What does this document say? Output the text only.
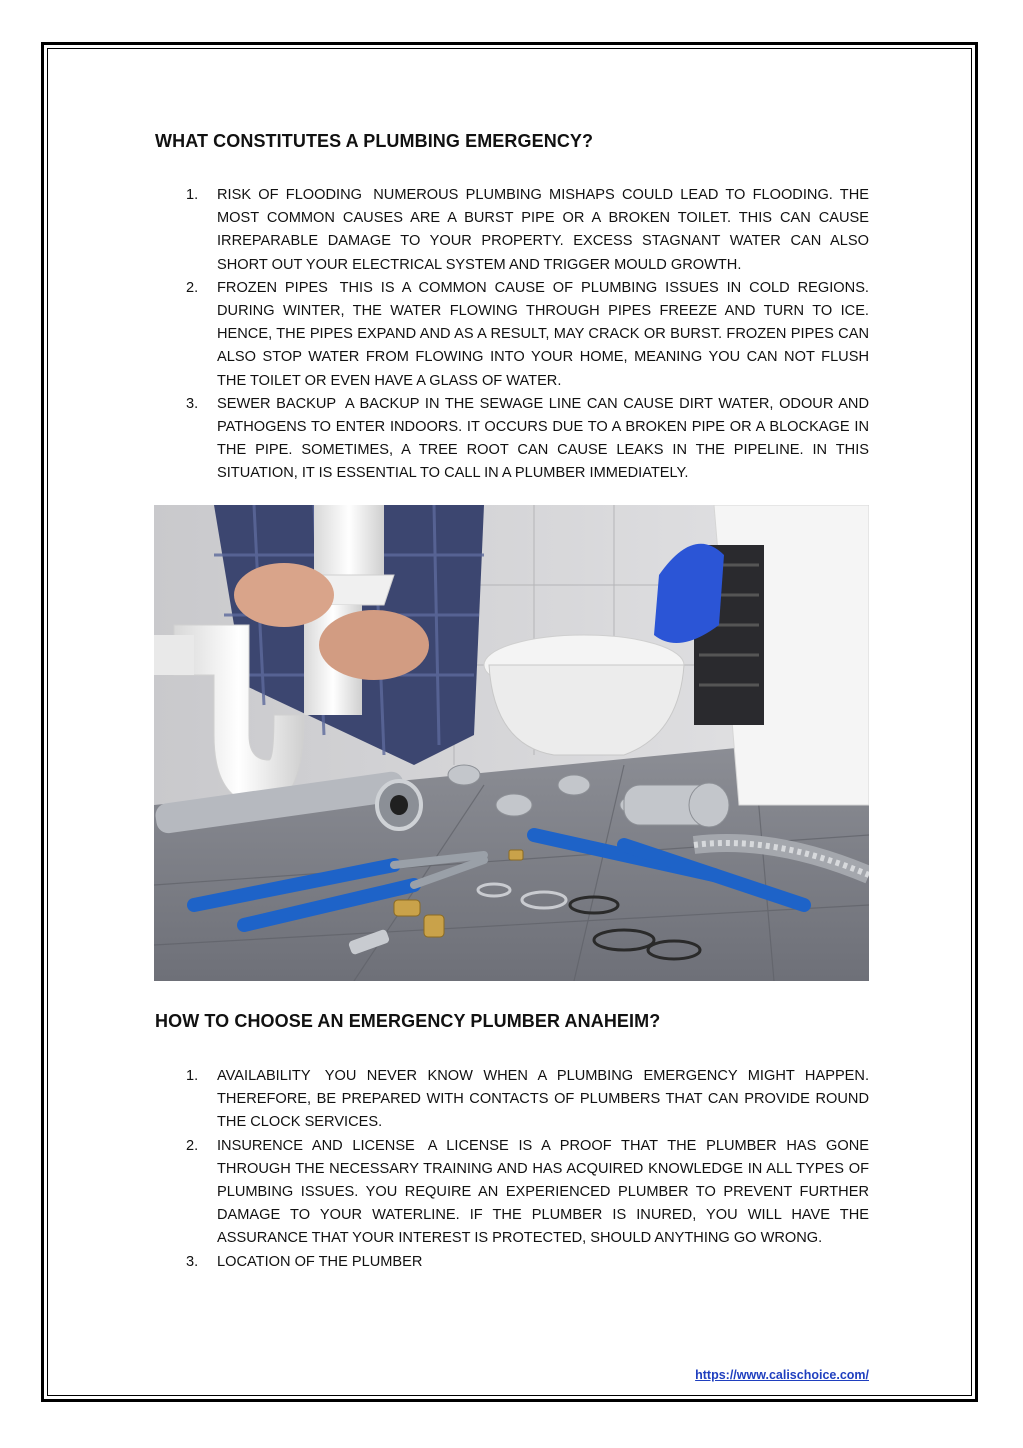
WHAT CONSTITUTES A PLUMBING EMERGENCY?
1. RISK OF FLOODING NUMEROUS PLUMBING MISHAPS COULD LEAD TO FLOODING. THE MOST COMMON CAUSES ARE A BURST PIPE OR A BROKEN TOILET. THIS CAN CAUSE IRREPARABLE DAMAGE TO YOUR PROPERTY. EXCESS STAGNANT WATER CAN ALSO SHORT OUT YOUR ELECTRICAL SYSTEM AND TRIGGER MOULD GROWTH.
2. FROZEN PIPES THIS IS A COMMON CAUSE OF PLUMBING ISSUES IN COLD REGIONS. DURING WINTER, THE WATER FLOWING THROUGH PIPES FREEZE AND TURN TO ICE. HENCE, THE PIPES EXPAND AND AS A RESULT, MAY CRACK OR BURST. FROZEN PIPES CAN ALSO STOP WATER FROM FLOWING INTO YOUR HOME, MEANING YOU CAN NOT FLUSH THE TOILET OR EVEN HAVE A GLASS OF WATER.
3. SEWER BACKUP A BACKUP IN THE SEWAGE LINE CAN CAUSE DIRT WATER, ODOUR AND PATHOGENS TO ENTER INDOORS. IT OCCURS DUE TO A BROKEN PIPE OR A BLOCKAGE IN THE PIPE. SOMETIMES, A TREE ROOT CAN CAUSE LEAKS IN THE PIPELINE. IN THIS SITUATION, IT IS ESSENTIAL TO CALL IN A PLUMBER IMMEDIATELY.
HOW TO CHOOSE AN EMERGENCY PLUMBER ANAHEIM?
1. AVAILABILITY YOU NEVER KNOW WHEN A PLUMBING EMERGENCY MIGHT HAPPEN. THEREFORE, BE PREPARED WITH CONTACTS OF PLUMBERS THAT CAN PROVIDE ROUND THE CLOCK SERVICES.
2. INSURENCE AND LICENSE A LICENSE IS A PROOF THAT THE PLUMBER HAS GONE THROUGH THE NECESSARY TRAINING AND HAS ACQUIRED KNOWLEDGE IN ALL TYPES OF PLUMBING ISSUES. YOU REQUIRE AN EXPERIENCED PLUMBER TO PREVENT FURTHER DAMAGE TO YOUR WATERLINE. IF THE PLUMBER IS INURED, YOU WILL HAVE THE ASSURANCE THAT YOUR INTEREST IS PROTECTED, SHOULD ANYTHING GO WRONG.
3. LOCATION OF THE PLUMBER
https://www.calischoice.com/
